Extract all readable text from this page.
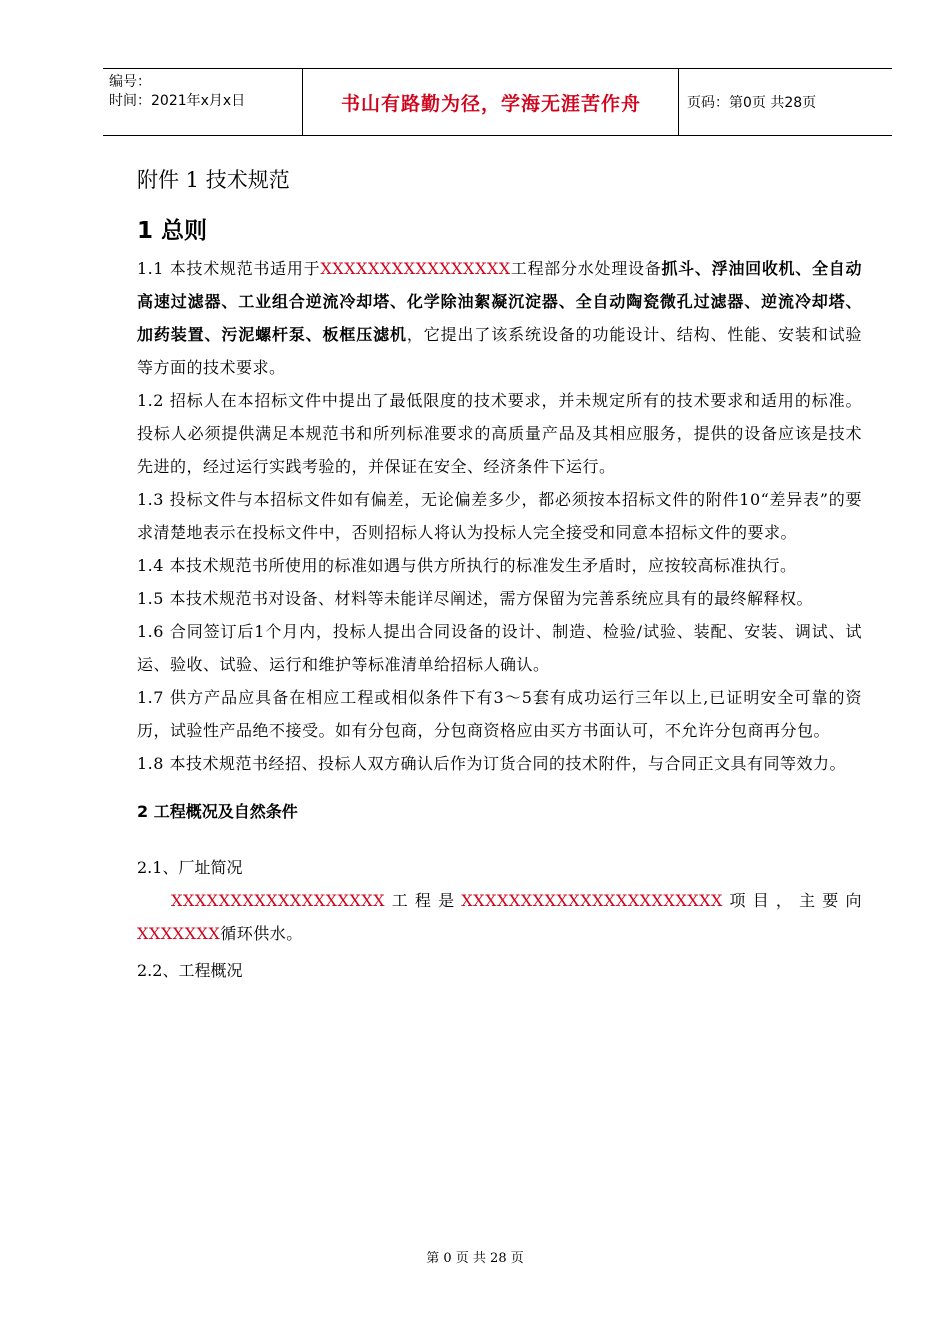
编号：
时间：2021年x月x日	书山有路勤为径，学海无涯苦作舟	页码：第0页 共28页
附件 1 技术规范
1 总则

1.1 本技术规范书适用于XXXXXXXXXXXXXXXX工程部分水处理设备抓斗、浮油回收机、全自动高速过滤器、工业组合逆流冷却塔、化学除油絮凝沉淀器、全自动陶瓷微孔过滤器、逆流冷却塔、加药装置、污泥螺杆泵、板框压滤机，它提出了该系统设备的功能设计、结构、性能、安装和试验等方面的技术要求。

1.2 招标人在本招标文件中提出了最低限度的技术要求，并未规定所有的技术要求和适用的标准。投标人必须提供满足本规范书和所列标准要求的高质量产品及其相应服务，提供的设备应该是技术先进的，经过运行实践考验的，并保证在安全、经济条件下运行。

1.3 投标文件与本招标文件如有偏差，无论偏差多少，都必须按本招标文件的附件10“差异表”的要求清楚地表示在投标文件中，否则招标人将认为投标人完全接受和同意本招标文件的要求。

1.4 本技术规范书所使用的标准如遇与供方所执行的标准发生矛盾时，应按较高标准执行。

1.5 本技术规范书对设备、材料等未能详尽阐述，需方保留为完善系统应具有的最终解释权。

1.6 合同签订后1个月内，投标人提出合同设备的设计、制造、检验/试验、装配、安装、调试、试运、验收、试验、运行和维护等标准清单给招标人确认。

1.7 供方产品应具备在相应工程或相似条件下有3～5套有成功运行三年以上,已证明安全可靠的资历，试验性产品绝不接受。如有分包商，分包商资格应由买方书面认可，不允许分包商再分包。

1.8 本技术规范书经招、投标人双方确认后作为订货合同的技术附件，与合同正文具有同等效力。

2 工程概况及自然条件
2.1、厂址简况

XXXXXXXXXXXXXXXXXX工程是XXXXXXXXXXXXXXXXXXXXXX项目，主要向XXXXXXX循环供水。

2.2、工程概况
第 0 页 共 28 页
